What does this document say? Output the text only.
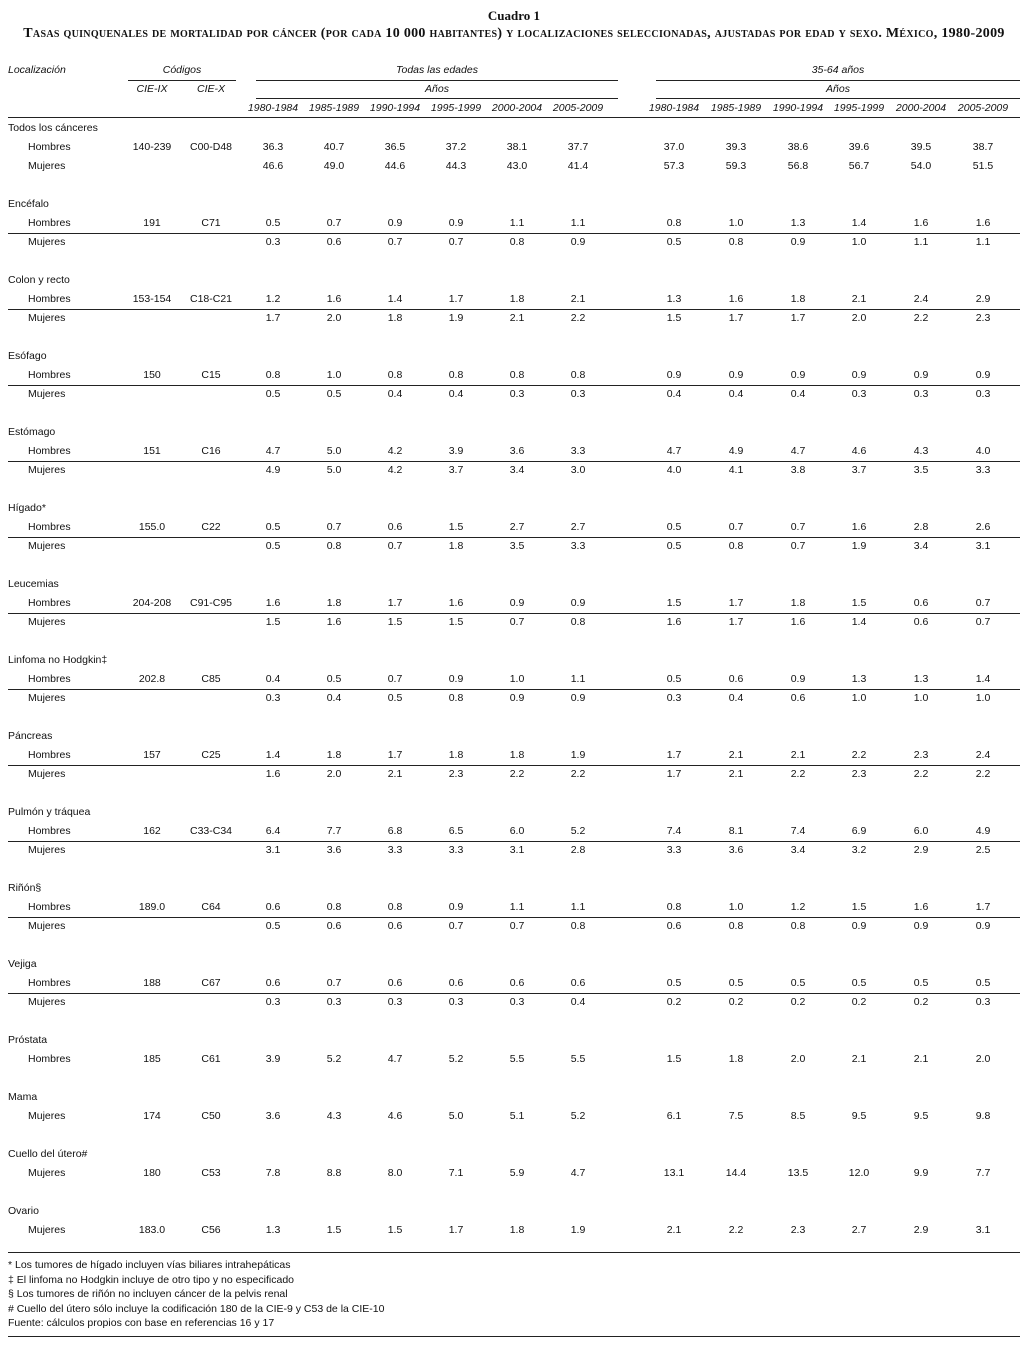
Cuadro 1
Tasas quinquenales de mortalidad por cáncer (por cada 10 000 habitantes) y localizaciones seleccionadas, ajustadas por edad y sexo. México, 1980-2009
Localización	Códigos
CIE-IX	CIE-X
Todas las edades
Años
35-64 años
Años
1980-1984 1985-1989 1990-1994 1995-1999 2000-2004 2005-2009	1980-1984 1985-1989 1990-1994 1995-1999 2000-2004 2005-2009
Todos los cánceres
Hombres	140-239	C00-D48	36.3	40.7	36.5	37.2	38.1	37.7	37.0	39.3	38.6	39.6	39.5	38.7
Mujeres	46.6	49.0	44.6	44.3	43.0	41.4	57.3	59.3	56.8	56.7	54.0	51.5
Encéfalo
Hombres	191	C71	0.5	0.7	0.9	0.9	1.1	1.1	0.8	1.0	1.3	1.4	1.6	1.6
Mujeres	0.3	0.6	0.7	0.7	0.8	0.9	0.5	0.8	0.9	1.0	1.1	1.1
Colon y recto
Hombres	153-154	C18-C21	1.2	1.6	1.4	1.7	1.8	2.1	1.3	1.6	1.8	2.1	2.4	2.9
Mujeres	1.7	2.0	1.8	1.9	2.1	2.2	1.5	1.7	1.7	2.0	2.2	2.3
Esófago
Hombres	150	C15	0.8	1.0	0.8	0.8	0.8	0.8	0.9	0.9	0.9	0.9	0.9	0.9
Mujeres	0.5	0.5	0.4	0.4	0.3	0.3	0.4	0.4	0.4	0.3	0.3	0.3
Estómago
Hombres	151	C16	4.7	5.0	4.2	3.9	3.6	3.3	4.7	4.9	4.7	4.6	4.3	4.0
Mujeres	4.9	5.0	4.2	3.7	3.4	3.0	4.0	4.1	3.8	3.7	3.5	3.3
Hígado*
Hombres	155.0	C22	0.5	0.7	0.6	1.5	2.7	2.7	0.5	0.7	0.7	1.6	2.8	2.6
Mujeres	0.5	0.8	0.7	1.8	3.5	3.3	0.5	0.8	0.7	1.9	3.4	3.1
Leucemias
Hombres	204-208	C91-C95	1.6	1.8	1.7	1.6	0.9	0.9	1.5	1.7	1.8	1.5	0.6	0.7
Mujeres	1.5	1.6	1.5	1.5	0.7	0.8	1.6	1.7	1.6	1.4	0.6	0.7
Linfoma no Hodgkin‡
Hombres	202.8	C85	0.4	0.5	0.7	0.9	1.0	1.1	0.5	0.6	0.9	1.3	1.3	1.4
Mujeres	0.3	0.4	0.5	0.8	0.9	0.9	0.3	0.4	0.6	1.0	1.0	1.0
Páncreas
Hombres	157	C25	1.4	1.8	1.7	1.8	1.8	1.9	1.7	2.1	2.1	2.2	2.3	2.4
Mujeres	1.6	2.0	2.1	2.3	2.2	2.2	1.7	2.1	2.2	2.3	2.2	2.2
Pulmón y tráquea
Hombres	162	C33-C34	6.4	7.7	6.8	6.5	6.0	5.2	7.4	8.1	7.4	6.9	6.0	4.9
Mujeres	3.1	3.6	3.3	3.3	3.1	2.8	3.3	3.6	3.4	3.2	2.9	2.5
Riñón§
Hombres	189.0	C64	0.6	0.8	0.8	0.9	1.1	1.1	0.8	1.0	1.2	1.5	1.6	1.7
Mujeres	0.5	0.6	0.6	0.7	0.7	0.8	0.6	0.8	0.8	0.9	0.9	0.9
Vejiga
Hombres	188	C67	0.6	0.7	0.6	0.6	0.6	0.6	0.5	0.5	0.5	0.5	0.5	0.5
Mujeres	0.3	0.3	0.3	0.3	0.3	0.4	0.2	0.2	0.2	0.2	0.2	0.3
Próstata
Hombres	185	C61	3.9	5.2	4.7	5.2	5.5	5.5	1.5	1.8	2.0	2.1	2.1	2.0
Mama
Mujeres	174	C50	3.6	4.3	4.6	5.0	5.1	5.2	6.1	7.5	8.5	9.5	9.5	9.8
Cuello del útero#
Mujeres	180	C53	7.8	8.8	8.0	7.1	5.9	4.7	13.1	14.4	13.5	12.0	9.9	7.7
Ovario
Mujeres	183.0	C56	1.3	1.5	1.5	1.7	1.8	1.9	2.1	2.2	2.3	2.7	2.9	3.1
* Los tumores de hígado incluyen vías biliares intrahepáticas
‡ El linfoma no Hodgkin incluye de otro tipo y no especificado
§ Los tumores de riñón no incluyen cáncer de la pelvis renal
# Cuello del útero sólo incluye la codificación 180 de la CIE-9 y C53 de la CIE-10
Fuente: cálculos propios con base en referencias 16 y 17
